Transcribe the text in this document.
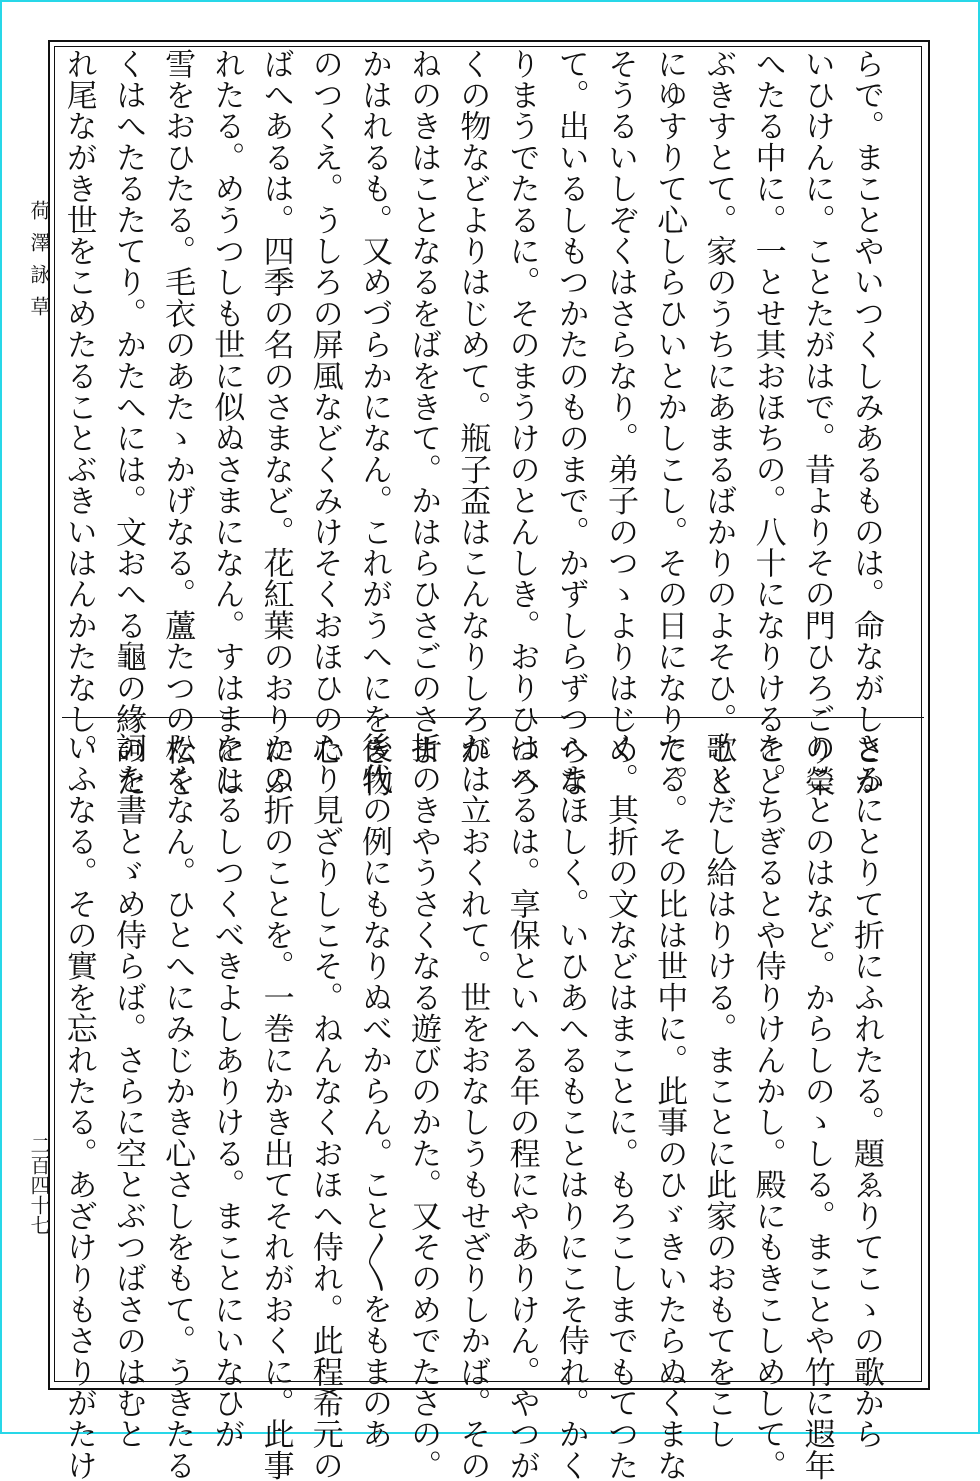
荷澤詠草
二百四十七
らで。まことやいつくしみあるものは。命ながしとか
いひけんに。ことたがはで。昔よりその門ひろごり榮
へたる中に。一とせ其おほちの。八十になりけること
ぶきすとて。家のうちにあまるばかりのよそひ。こと
にゆすりて心しらひいとかしこし。その日になりて。
そうるいしぞくはさらなり。弟子のつゝよりはじめ
て。出いるしもつかたのものまで。かずしらずつらな
りまうでたるに。そのまうけのとんしき。おりひつろ
くの物などよりはじめて。瓶子盃はこんなりしろが
ねのきはことなるをばをきて。かはらひさごのさま
かはれるも。又めづらかになん。これがうへにをき物
のつくえ。うしろの屏風などくみけそくおほひの心
ばへあるは。四季の名のさまなど。花紅葉のおりにふ
れたる。めうつしも世に似ぬさまになん。すはまには
雪をおひたる。毛衣のあたゝかげなる。蘆たつの松を
くはへたるたてり。かたへには。文おへる龜の緣のた
れ尾ながき世をこめたることぶきいはんかたなし。
さるにとりて折にふれたる。題ゑりてこゝの歌から
のことのはなど。からしのゝしる。まことや竹に遐年
を。ちぎるとや侍りけんかし。殿にもきこしめして。
歌くだし給はりける。まことに此家のおもてをこし
たる。その比は世中に。此事のひゞきいたらぬくまな
く。其折の文などはまことに。もろこしまでもてつた
へまほしく。いひあへるもことはりにこそ侍れ。かく
はへるは。享保といへる年の程にやありけん。やつが
れは立おくれて。世をおなしうもせざりしかば。その
折のきやうさくなる遊びのかた。又そのめでたさの。
後代の例にもなりぬべからん。こと〳〵をもまのあ
たり見ざりしこそ。ねんなくおほへ侍れ。此程希元の
かの折のことを。一巻にかき出てそれがおくに。此事
をしるしつくべきよしありける。まことにいなひが
たくなん。ひとへにみじかき心さしをもて。うきたる
詞を書とゞめ侍らば。さらに空とぶつばさのはむと
いふなる。その實を忘れたる。あざけりもさりがたけ
